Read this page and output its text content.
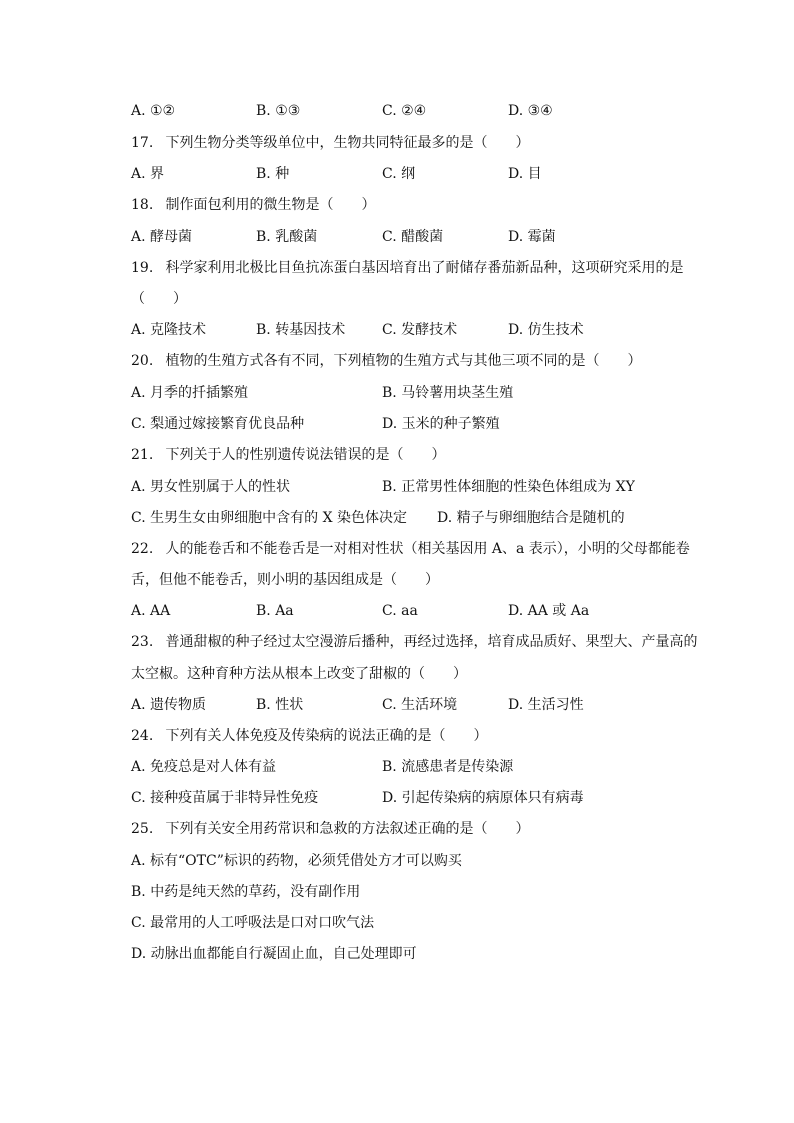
A. ①②	B. ①③	C. ②④	D. ③④
17. 下列生物分类等级单位中，生物共同特征最多的是（　　）
A. 界	B. 种	C. 纲	D. 目
18. 制作面包利用的微生物是（　　）
A. 酵母菌	B. 乳酸菌	C. 醋酸菌	D. 霉菌
19. 科学家利用北极比目鱼抗冻蛋白基因培育出了耐储存番茄新品种，这项研究采用的是
（　　）
A. 克隆技术	B. 转基因技术	C. 发酵技术	D. 仿生技术
20. 植物的生殖方式各有不同，下列植物的生殖方式与其他三项不同的是（　　）
A. 月季的扦插繁殖	B. 马铃薯用块茎生殖
C. 梨通过嫁接繁育优良品种	D. 玉米的种子繁殖
21. 下列关于人的性别遗传说法错误的是（　　）
A. 男女性别属于人的性状	B. 正常男性体细胞的性染色体组成为 XY
C. 生男生女由卵细胞中含有的 X 染色体决定 D. 精子与卵细胞结合是随机的
22. 人的能卷舌和不能卷舌是一对相对性状（相关基因用 A、a 表示），小明的父母都能卷
舌，但他不能卷舌，则小明的基因组成是（　　）
A. AA	B. Aa	C. aa	D. AA 或 Aa
23. 普通甜椒的种子经过太空漫游后播种，再经过选择，培育成品质好、果型大、产量高的
太空椒。这种育种方法从根本上改变了甜椒的（　　）
A. 遗传物质	B. 性状	C. 生活环境	D. 生活习性
24. 下列有关人体免疫及传染病的说法正确的是（　　）
A. 免疫总是对人体有益	B. 流感患者是传染源
C. 接种疫苗属于非特异性免疫	D. 引起传染病的病原体只有病毒
25. 下列有关安全用药常识和急救的方法叙述正确的是（　　）
A. 标有“OTC”标识的药物，必须凭借处方才可以购买
B. 中药是纯天然的草药，没有副作用
C. 最常用的人工呼吸法是口对口吹气法
D. 动脉出血都能自行凝固止血，自己处理即可
